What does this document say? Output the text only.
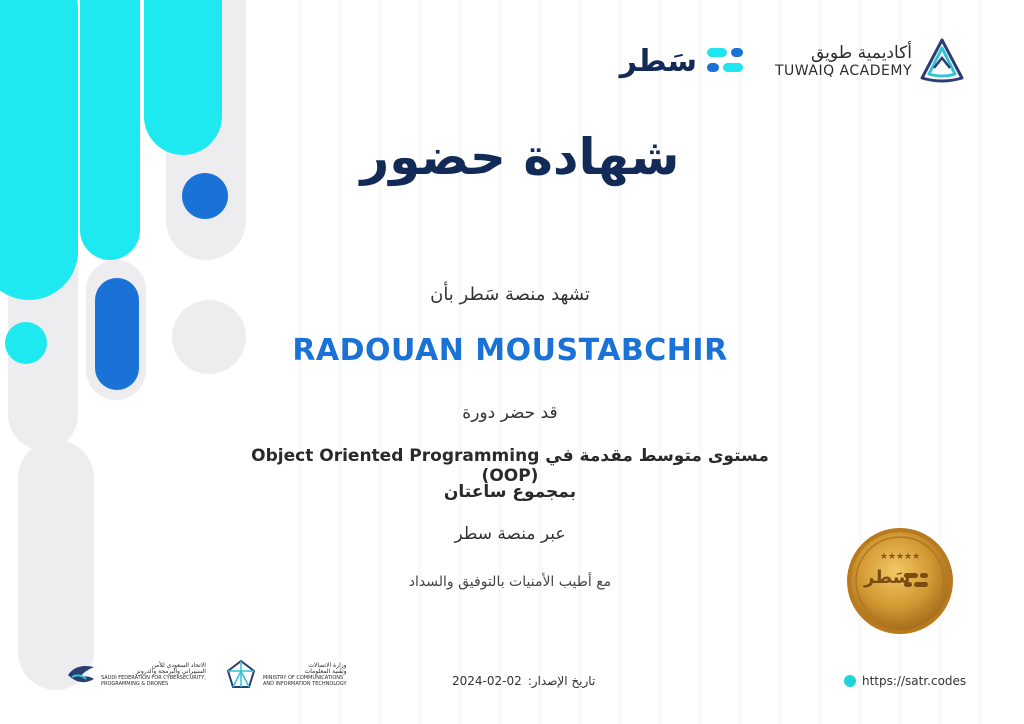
سَطر	أكاديمية طويق
TUWAIQ ACADEMY
شهادة حضور
تشهد منصة سَطر بأن
RADOUAN MOUSTABCHIR
قد حضر دورة
مستوى متوسط مقدمة في Object Oriented Programming (OOP)
بمجموع ساعتان
عبر منصة سطر
مع أطيب الأمنيات بالتوفيق والسداد
★★★★★
سَطر
الاتحاد السعودي للأمن
السيبراني والبرمجة والدرونز
SAUDI FEDERATION FOR CYBERSECURITY,
PROGRAMMING & DRONES
وزارة الاتصالات
وتقنية المعلومات
MINISTRY OF COMMUNICATIONS
AND INFORMATION TECHNOLOGY	2024-02-02 تاريخ الإصدار:	https://satr.codes
